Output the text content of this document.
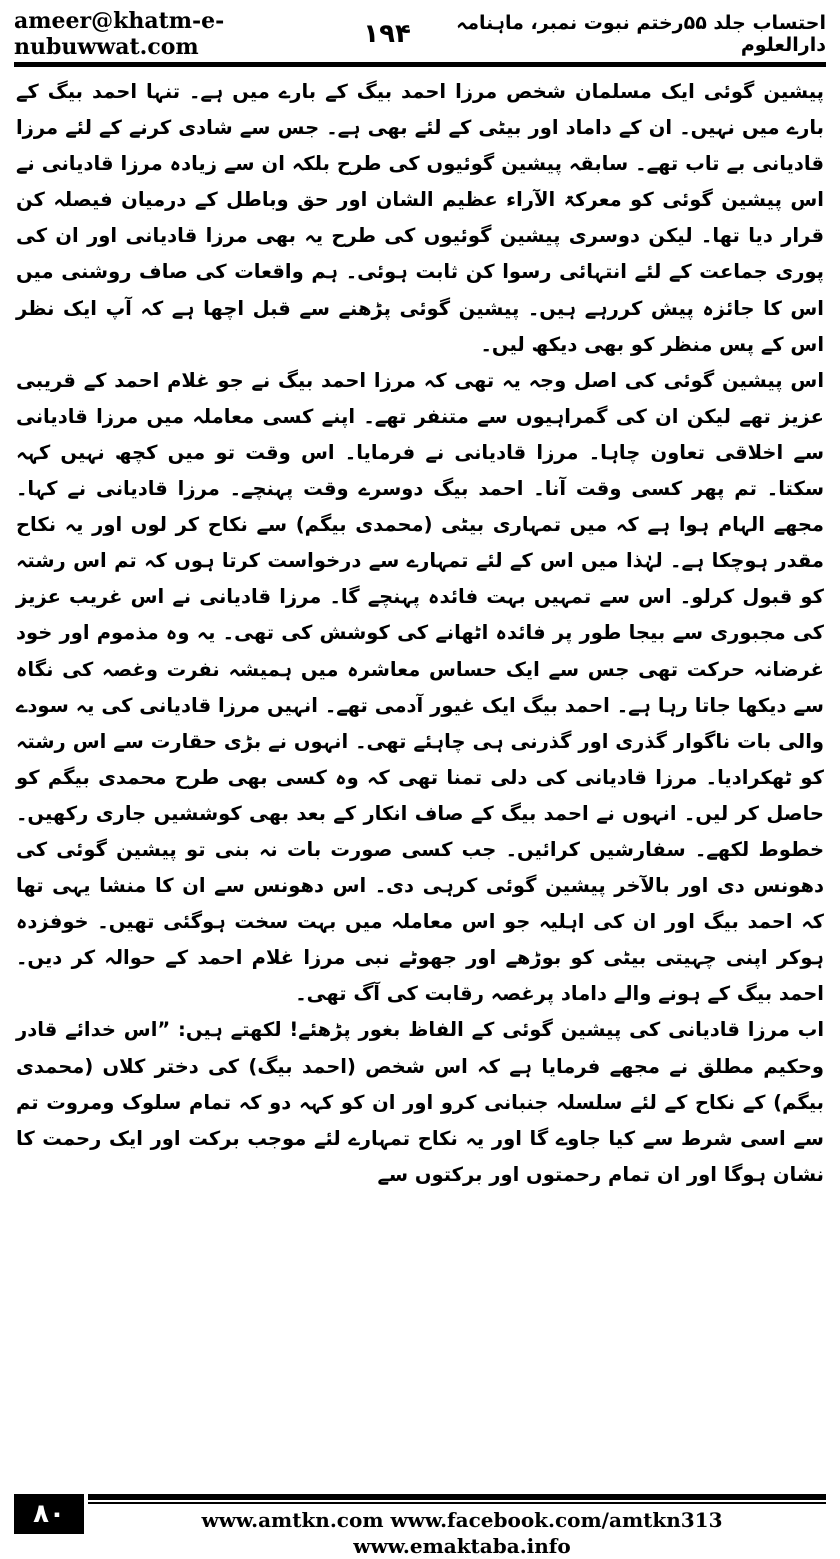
ameer@khatm-e-nubuwwat.com
احتساب جلد ۵۵رختم نبوت نمبر، ماہنامہ دارالعلوم
۱۹۴

پیشین گوئی ایک مسلمان شخص مرزا احمد بیگ کے بارے میں ہے۔ تنہا احمد بیگ کے بارے میں نہیں۔ ان کے داماد اور بیٹی کے لئے بھی ہے۔ جس سے شادی کرنے کے لئے مرزا قادیانی بے تاب تھے۔ سابقہ پیشین گوئیوں کی طرح بلکہ ان سے زیادہ مرزا قادیانی نے اس پیشین گوئی کو معرکۃ الآراء عظیم الشان اور حق وباطل کے درمیان فیصلہ کن قرار دیا تھا۔ لیکن دوسری پیشین گوئیوں کی طرح یہ بھی مرزا قادیانی اور ان کی پوری جماعت کے لئے انتہائی رسوا کن ثابت ہوئی۔ ہم واقعات کی صاف روشنی میں اس کا جائزہ پیش کررہے ہیں۔ پیشین گوئی پڑھنے سے قبل اچھا ہے کہ آپ ایک نظر اس کے پس منظر کو بھی دیکھ لیں۔

اس پیشین گوئی کی اصل وجہ یہ تھی کہ مرزا احمد بیگ نے جو غلام احمد کے قریبی عزیز تھے لیکن ان کی گمراہیوں سے متنفر تھے۔ اپنے کسی معاملہ میں مرزا قادیانی سے اخلاقی تعاون چاہا۔ مرزا قادیانی نے فرمایا۔ اس وقت تو میں کچھ نہیں کہہ سکتا۔ تم پھر کسی وقت آنا۔ احمد بیگ دوسرے وقت پہنچے۔ مرزا قادیانی نے کہا۔ مجھے الہام ہوا ہے کہ میں تمہاری بیٹی (محمدی بیگم) سے نکاح کر لوں اور یہ نکاح مقدر ہوچکا ہے۔ لہٰذا میں اس کے لئے تمہارے سے درخواست کرتا ہوں کہ تم اس رشتہ کو قبول کرلو۔ اس سے تمہیں بہت فائدہ پہنچے گا۔ مرزا قادیانی نے اس غریب عزیز کی مجبوری سے بیجا طور پر فائدہ اٹھانے کی کوشش کی تھی۔ یہ وہ مذموم اور خود غرضانہ حرکت تھی جس سے ایک حساس معاشرہ میں ہمیشہ نفرت وغصہ کی نگاہ سے دیکھا جاتا رہا ہے۔ احمد بیگ ایک غیور آدمی تھے۔ انہیں مرزا قادیانی کی یہ سودے والی بات ناگوار گذری اور گذرنی ہی چاہئے تھی۔ انہوں نے بڑی حقارت سے اس رشتہ کو ٹھکرادیا۔ مرزا قادیانی کی دلی تمنا تھی کہ وہ کسی بھی طرح محمدی بیگم کو حاصل کر لیں۔ انہوں نے احمد بیگ کے صاف انکار کے بعد بھی کوششیں جاری رکھیں۔ خطوط لکھے۔ سفارشیں کرائیں۔ جب کسی صورت بات نہ بنی تو پیشین گوئی کی دھونس دی اور بالآخر پیشین گوئی کرہی دی۔ اس دھونس سے ان کا منشا یہی تھا کہ احمد بیگ اور ان کی اہلیہ جو اس معاملہ میں بہت سخت ہوگئی تھیں۔ خوفزدہ ہوکر اپنی چہیتی بیٹی کو بوڑھے اور جھوٹے نبی مرزا غلام احمد کے حوالہ کر دیں۔ احمد بیگ کے ہونے والے داماد پرغصہ رقابت کی آگ تھی۔

اب مرزا قادیانی کی پیشین گوئی کے الفاظ بغور پڑھئے! لکھتے ہیں: ”اس خدائے قادر وحکیم مطلق نے مجھے فرمایا ہے کہ اس شخص (احمد بیگ) کی دختر کلاں (محمدی بیگم) کے نکاح کے لئے سلسلہ جنبانی کرو اور ان کو کہہ دو کہ تمام سلوک ومروت تم سے اسی شرط سے کیا جاوے گا اور یہ نکاح تمہارے لئے موجب برکت اور ایک رحمت کا نشان ہوگا اور ان تمام رحمتوں اور برکتوں سے

۸۰	www.amtkn.com www.facebook.com/amtkn313 www.emaktaba.info
